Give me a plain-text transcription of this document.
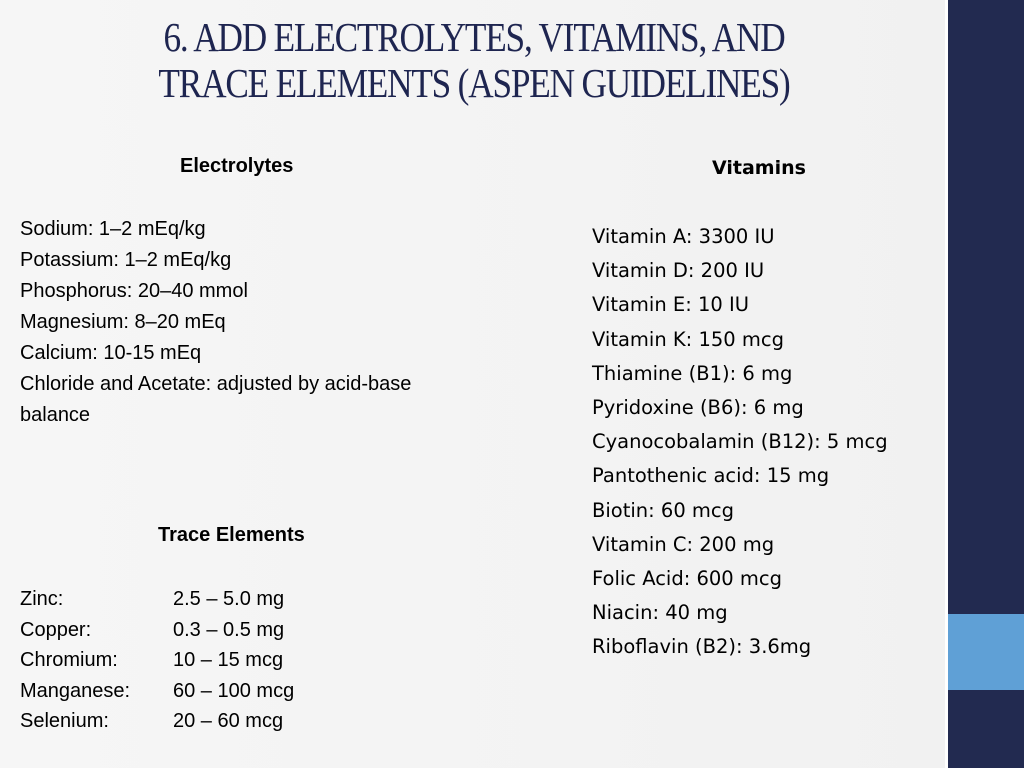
6. ADD ELECTROLYTES, VITAMINS, AND
TRACE ELEMENTS (ASPEN GUIDELINES)
Electrolytes
Sodium: 1–2 mEq/kg
Potassium: 1–2 mEq/kg
Phosphorus: 20–40 mmol
Magnesium: 8–20 mEq
Calcium: 10-15 mEq
Chloride and Acetate: adjusted by acid-base balance
Trace Elements
Zinc:	2.5 – 5.0 mg
Copper:	0.3 – 0.5 mg
Chromium:	10 – 15 mcg
Manganese: 60 – 100 mcg
Selenium:	20 – 60 mcg
Vitamins
Vitamin A: 3300 IU
Vitamin D: 200 IU
Vitamin E: 10 IU
Vitamin K: 150 mcg
Thiamine (B1): 6 mg
Pyridoxine (B6): 6 mg
Cyanocobalamin (B12): 5 mcg
Pantothenic acid: 15 mg
Biotin: 60 mcg
Vitamin C: 200 mg
Folic Acid: 600 mcg
Niacin: 40 mg
Riboflavin (B2): 3.6mg
